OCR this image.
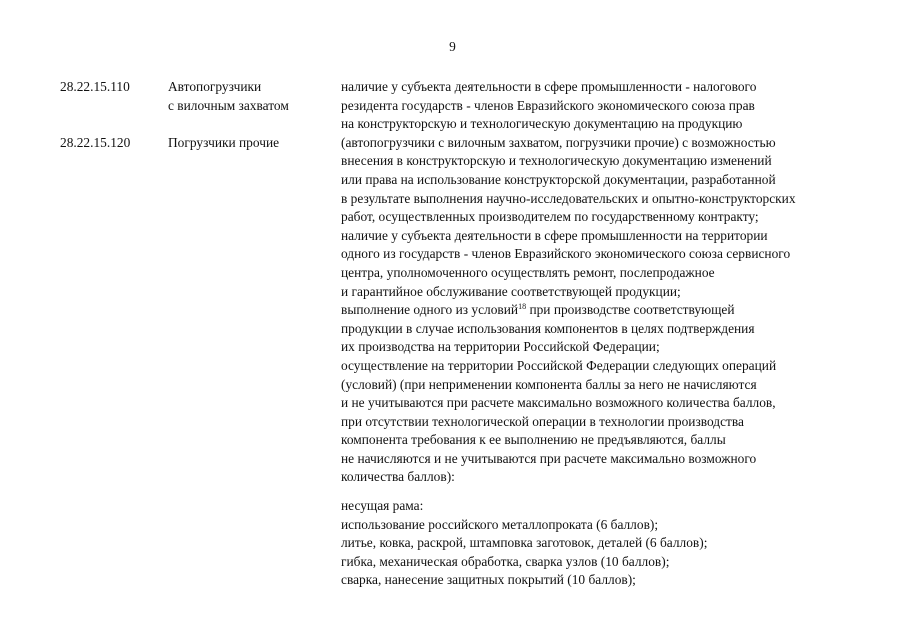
9
28.22.15.110	Автопогрузчики
с вилочным захватом
28.22.15.120	Погрузчики прочие
наличие у субъекта деятельности в сфере промышленности - налогового
резидента государств - членов Евразийского экономического союза прав
на конструкторскую и технологическую документацию на продукцию
(автопогрузчики с вилочным захватом, погрузчики прочие) с возможностью
внесения в конструкторскую и технологическую документацию изменений
или права на использование конструкторской документации, разработанной
в результате выполнения научно-исследовательских и опытно-конструкторских
работ, осуществленных производителем по государственному контракту;
наличие у субъекта деятельности в сфере промышленности на территории
одного из государств - членов Евразийского экономического союза сервисного
центра, уполномоченного осуществлять ремонт, послепродажное
и гарантийное обслуживание соответствующей продукции;
выполнение одного из условий$^{18}$ при производстве соответствующей
продукции в случае использования компонентов в целях подтверждения
их производства на территории Российской Федерации;
осуществление на территории Российской Федерации следующих операций
(условий) (при неприменении компонента баллы за него не начисляются
и не учитываются при расчете максимально возможного количества баллов,
при отсутствии технологической операции в технологии производства
компонента требования к ее выполнению не предъявляются, баллы
не начисляются и не учитываются при расчете максимально возможного
количества баллов):
несущая рама:
использование российского металлопроката (6 баллов);
литье, ковка, раскрой, штамповка заготовок, деталей (6 баллов);
гибка, механическая обработка, сварка узлов (10 баллов);
сварка, нанесение защитных покрытий (10 баллов);
